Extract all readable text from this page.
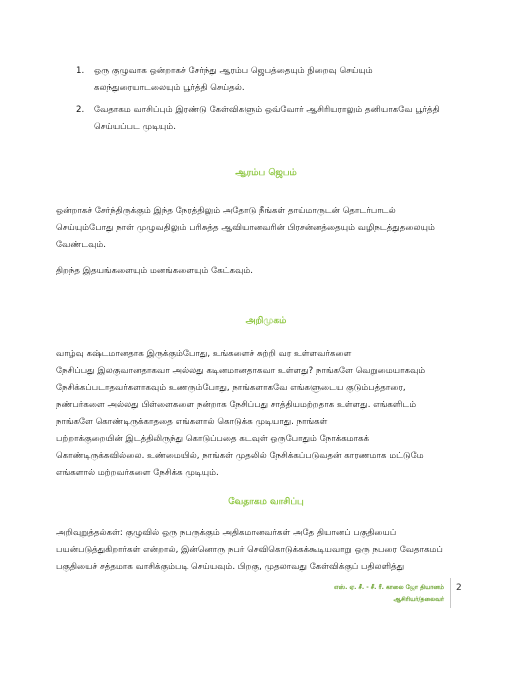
1. ஒரு குழுவாக ஒன்றாகச் சேர்ந்து ஆரம்ப ஜெபத்தையும் நிறைவு செய்யும்
கலந்துரையாடலையும் பூர்த்தி செய்தல்.
2. வேதாகம வாசிப்பும் இரண்டு கேள்விகளும் ஒவ்வோர் ஆசிரியராலும் தனியாகவே பூர்த்தி
செய்யப்பட முடியும்.
ஆரம்ப ஜெபம்
ஒன்றாகச் சேர்ந்திருக்கும் இந்த நேரத்திலும் அதோடு நீங்கள் தாய்மாருடன் தொடர்பாடல்
செய்யும்போது நாள் முழுவதிலும் பரிசுத்த ஆவியானவரின் பிரசன்னத்தையும் வழிநடத்துதலையும்
வேண்டவும்.
திறந்த இதயங்களையும் மனங்களையும் கேட்கவும்.
அறிமுகம்
வாழ்வு கஷ்டமானதாக இருக்கும்போது, உங்களைச் சுற்றி வர உள்ளவர்களை
நேசிப்பது இலகுவானதாகவா அல்லது கடினமானதாகவா உள்ளது? நாங்களே வெறுமையாகவும்
நேசிக்கப்படாதவர்களாகவும் உணரும்போது, நாங்களாகவே எங்களுடைய குடும்பத்தாரை,
நண்பர்களை அல்லது பிள்ளைகளை நன்றாக நேசிப்பது சாத்தியமற்றதாக உள்ளது. எங்களிடம்
நாங்களே கொண்டிருக்காததை எங்களால் கொடுக்க முடியாது. நாங்கள்
பற்றாக்குறையின் இடத்திலிருந்து கொடுப்பதை கடவுள் ஒருபோதும் நோக்கமாகக்
கொண்டிருக்கவில்லை. உண்மையில், நாங்கள் முதலில் நேசிக்கப்படுவதன் காரணமாக மட்டுமே
எங்களால் மற்றவர்களை நேசிக்க முடியும்.
வேதாகம வாசிப்பு
அறிவுறுத்தல்கள்: குழுவில் ஒரு நபருக்கும் அதிகமானவர்கள் அதே தியானப் பகுதியைப்
பயன்படுத்துகிறார்கள் என்றால், இன்னொரு நபர் செவிகொடுக்கக்கூடியவாறு ஒரு நபரை வேதாகமப்
பகுதியைச் சத்தமாக வாசிக்கும்படி செய்யவும். பிறகு, முதலாவது கேள்விக்குப் பதிலளித்து
எஸ். ஏ. சீ. - சீ. ரீ. காலை ஜோ தியானம்
ஆசிரியர்/தலைவர்
2
